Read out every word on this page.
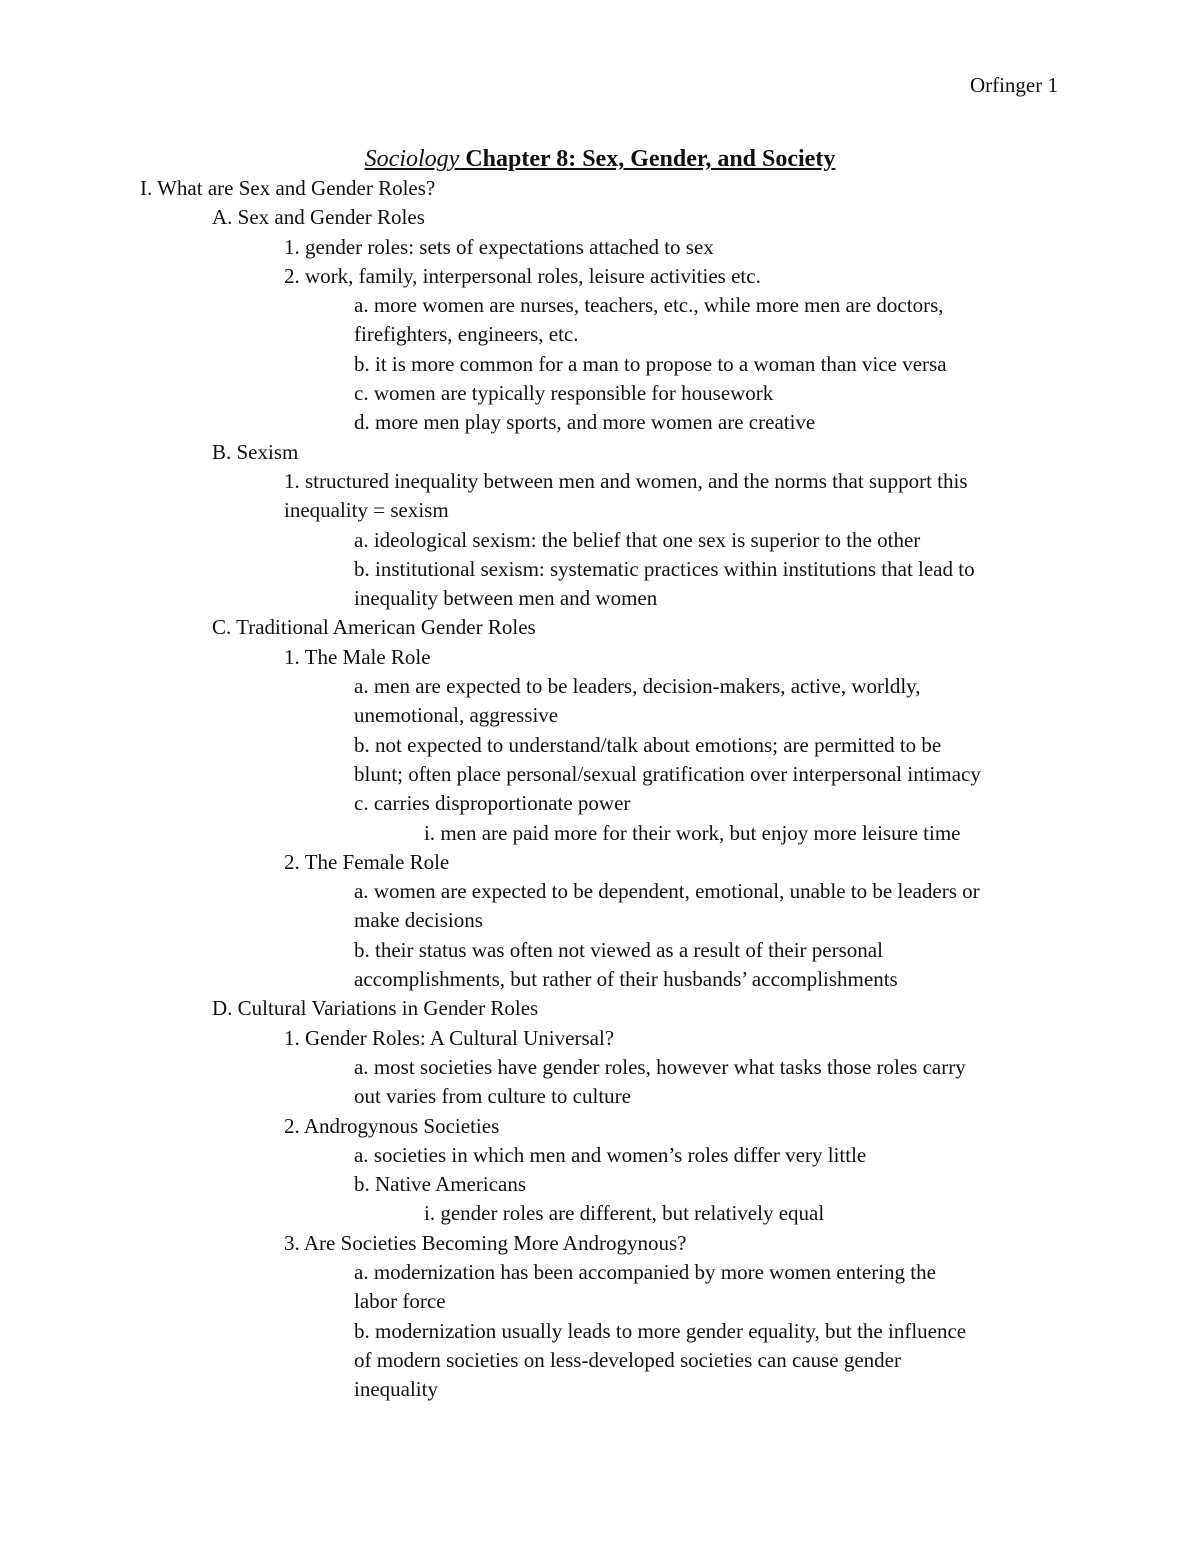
Orfinger 1
Sociology Chapter 8: Sex, Gender, and Society
I. What are Sex and Gender Roles?
A. Sex and Gender Roles
1. gender roles: sets of expectations attached to sex
2. work, family, interpersonal roles, leisure activities etc.
a. more women are nurses, teachers, etc., while more men are doctors,
firefighters, engineers, etc.
b. it is more common for a man to propose to a woman than vice versa
c. women are typically responsible for housework
d. more men play sports, and more women are creative
B. Sexism
1. structured inequality between men and women, and the norms that support this
inequality = sexism
a. ideological sexism: the belief that one sex is superior to the other
b. institutional sexism: systematic practices within institutions that lead to
inequality between men and women
C. Traditional American Gender Roles
1. The Male Role
a. men are expected to be leaders, decision-makers, active, worldly,
unemotional, aggressive
b. not expected to understand/talk about emotions; are permitted to be
blunt; often place personal/sexual gratification over interpersonal intimacy
c. carries disproportionate power
i. men are paid more for their work, but enjoy more leisure time
2. The Female Role
a. women are expected to be dependent, emotional, unable to be leaders or
make decisions
b. their status was often not viewed as a result of their personal
accomplishments, but rather of their husbands’ accomplishments
D. Cultural Variations in Gender Roles
1. Gender Roles: A Cultural Universal?
a. most societies have gender roles, however what tasks those roles carry
out varies from culture to culture
2. Androgynous Societies
a. societies in which men and women’s roles differ very little
b. Native Americans
i. gender roles are different, but relatively equal
3. Are Societies Becoming More Androgynous?
a. modernization has been accompanied by more women entering the
labor force
b. modernization usually leads to more gender equality, but the influence
of modern societies on less-developed societies can cause gender
inequality
